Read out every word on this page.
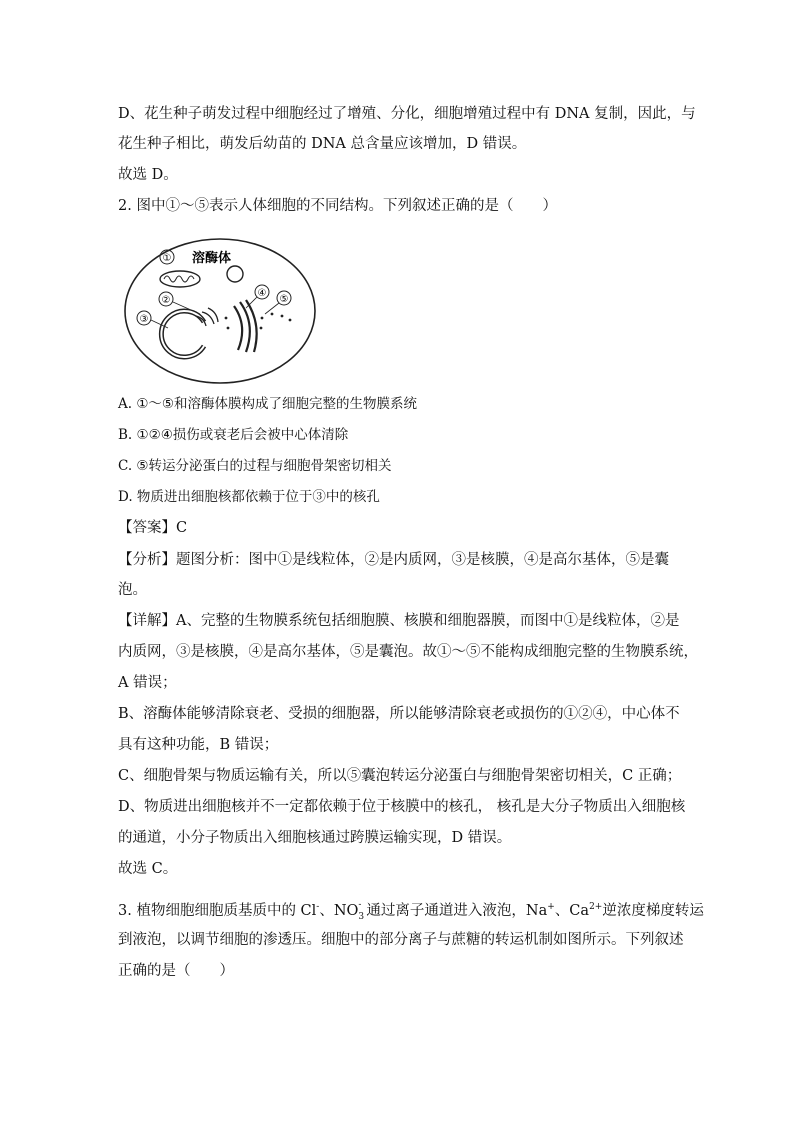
D、花生种子萌发过程中细胞经过了增殖、分化，细胞增殖过程中有 DNA 复制，因此，与
花生种子相比，萌发后幼苗的 DNA 总含量应该增加，D 错误。
故选 D。
2. 图中①～⑤表示人体细胞的不同结构。下列叙述正确的是（　　）
① 溶酶体
②
③
④
⑤
A. ①～⑤和溶酶体膜构成了细胞完整的生物膜系统
B. ①②④损伤或衰老后会被中心体清除
C. ⑤转运分泌蛋白的过程与细胞骨架密切相关
D. 物质进出细胞核都依赖于位于③中的核孔
【答案】C
【分析】题图分析：图中①是线粒体，②是内质网，③是核膜，④是高尔基体，⑤是囊
泡。
【详解】A、完整的生物膜系统包括细胞膜、核膜和细胞器膜，而图中①是线粒体，②是
内质网，③是核膜，④是高尔基体，⑤是囊泡。故①～⑤不能构成细胞完整的生物膜系统，
A 错误；
B、溶酶体能够清除衰老、受损的细胞器，所以能够清除衰老或损伤的①②④，中心体不
具有这种功能，B 错误；
C、细胞骨架与物质运输有关，所以⑤囊泡转运分泌蛋白与细胞骨架密切相关，C 正确；
D、物质进出细胞核并不一定都依赖于位于核膜中的核孔， 核孔是大分子物质出入细胞核
的通道，小分子物质出入细胞核通过跨膜运输实现，D 错误。
故选 C。
3. 植物细胞细胞质基质中的 Cl-、NO -
3 通过离子通道进入液泡，Na+、$Ca^{2+}$逆浓度梯度转运
到液泡，以调节细胞的渗透压。细胞中的部分离子与蔗糖的转运机制如图所示。下列叙述
正确的是（　　）
